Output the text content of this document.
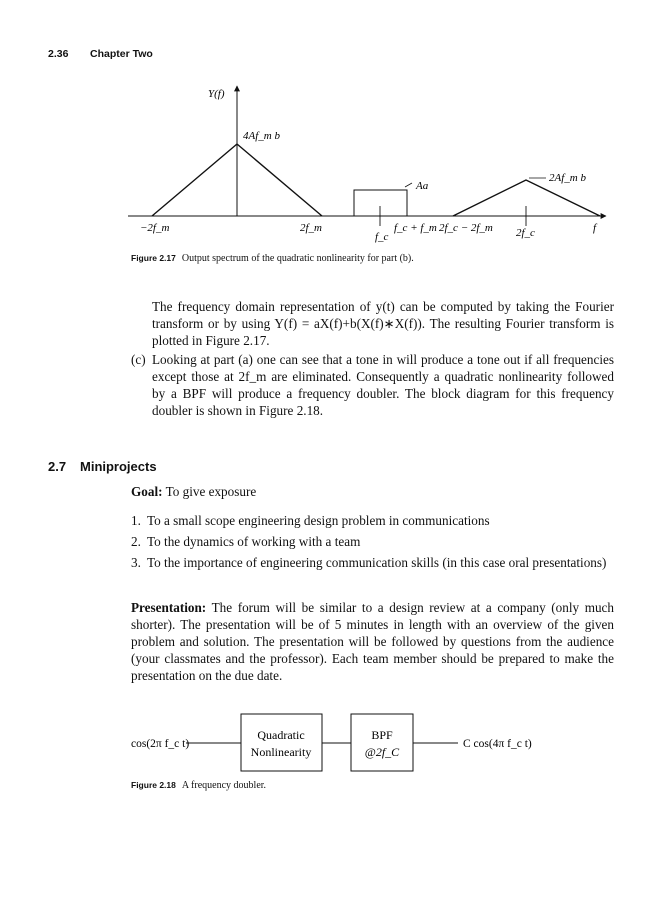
2.36 Chapter Two
Y(f)
4Af_m b
Aa
2Af_m b
−2f_m	2f_m
f_c
f_c + f_m 2f_c − 2f_m 2f_c	f
Figure 2.17 Output spectrum of the quadratic nonlinearity for part (b).
The frequency domain representation of y(t) can be computed by taking the Fourier transform or by using Y(f) = aX(f)+b(X(f)∗X(f)). The resulting Fourier transform is plotted in Figure 2.17.
(c) Looking at part (a) one can see that a tone in will produce a tone out if all frequencies except those at 2f_m are eliminated. Consequently a quadratic nonlinearity followed by a BPF will produce a frequency doubler. The block diagram for this frequency doubler is shown in Figure 2.18.
2.7 Miniprojects
Goal: To give exposure
1. To a small scope engineering design problem in communications
2. To the dynamics of working with a team
3. To the importance of engineering communication skills (in this case oral presentations)
Presentation: The forum will be similar to a design review at a company (only much shorter). The presentation will be of 5 minutes in length with an overview of the given problem and solution. The presentation will be followed by questions from the audience (your classmates and the professor). Each team member should be prepared to make the presentation on the due date.
cos(2π f_c t)
Quadratic
Nonlinearity
BPF
@2f_C
C cos(4π f_c t)
Figure 2.18 A frequency doubler.
